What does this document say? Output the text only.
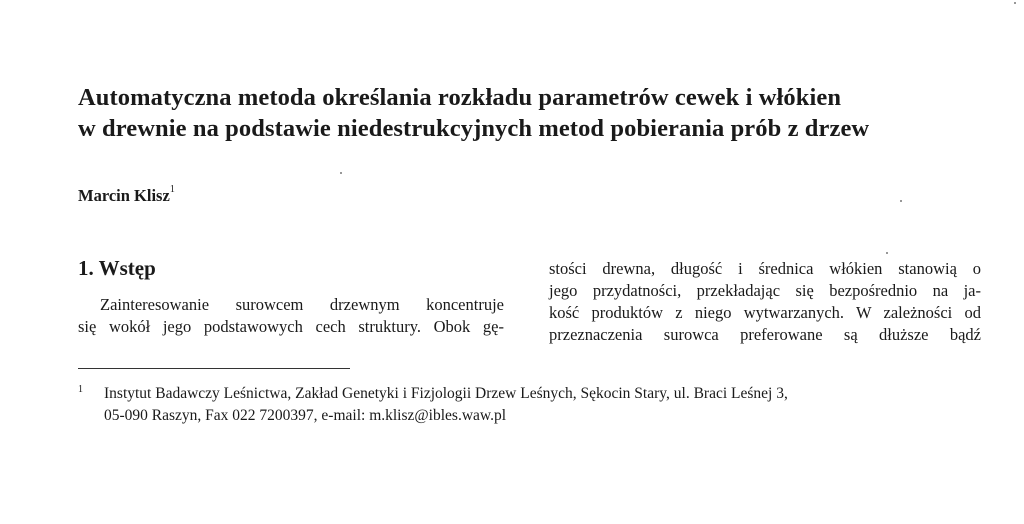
Automatyczna metoda określania rozkładu parametrów cewek i włókien
w drewnie na podstawie niedestrukcyjnych metod pobierania prób z drzew
Marcin Klisz$^1$
1. Wstęp
Zainteresowanie surowcem drzewnym koncentruje
się wokół jego podstawowych cech struktury. Obok gę-
stości drewna, długość i średnica włókien stanowią o
jego przydatności, przekładając się bezpośrednio na ja-
kość produktów z niego wytwarzanych. W zależności od
przeznaczenia surowca preferowane są dłuższe bądź
1 Instytut Badawczy Leśnictwa, Zakład Genetyki i Fizjologii Drzew Leśnych, Sękocin Stary, ul. Braci Leśnej 3,
05-090 Raszyn, Fax 022 7200397, e-mail: m.klisz@ibles.waw.pl
